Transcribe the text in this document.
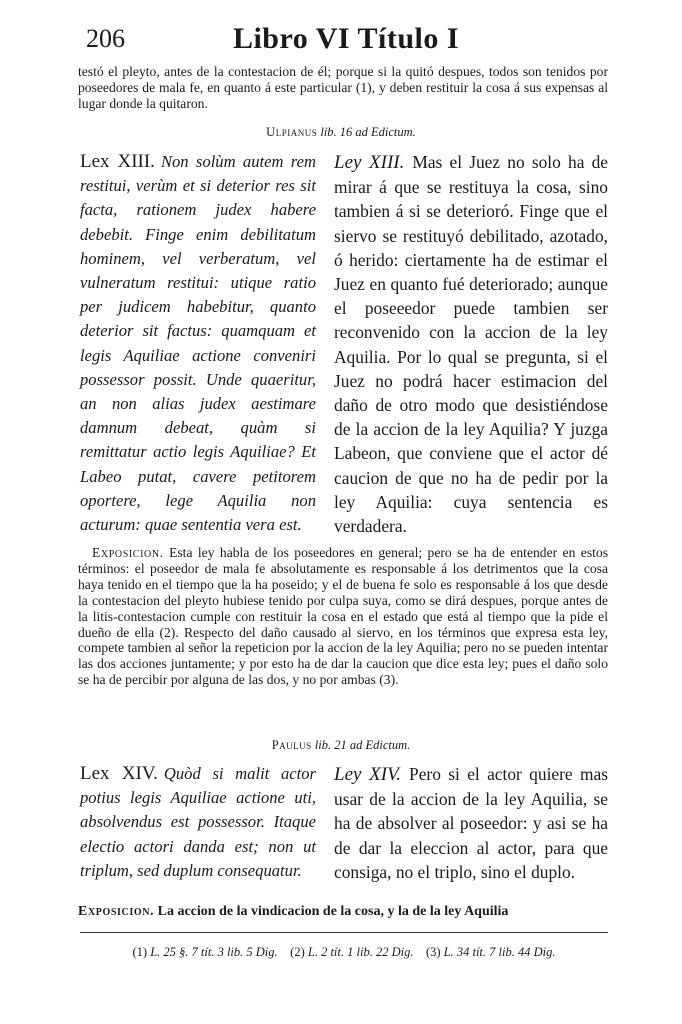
206	Libro VI Título I
testó el pleyto, antes de la contestacion de él; porque si la quitó despues, todos son tenidos por poseedores de mala fe, en quanto á este particular (1), y deben restituir la cosa á sus expensas al lugar donde la quitaron.
Ulpianus lib. 16 ad Edictum.
Lex XIII. Non solùm autem rem restitui, verùm et si deterior res sit facta, rationem judex habere debebit. Finge enim debilitatum hominem, vel verberatum, vel vulneratum restitui: utique ratio per judicem habebitur, quanto deterior sit factus: quamquam et legis Aquiliae actione conveniri possessor possit. Unde quaeritur, an non alias judex aestimare damnum debeat, quàm si remittatur actio legis Aquiliae? Et Labeo putat, cavere petitorem oportere, lege Aquilia non acturum: quae sententia vera est.
Ley XIII. Mas el Juez no solo ha de mirar á que se restituya la cosa, sino tambien á si se deterioró. Finge que el siervo se restituyó debilitado, azotado, ó herido: ciertamente ha de estimar el Juez en quanto fué deteriorado; aunque el poseeedor puede tambien ser reconvenido con la accion de la ley Aquilia. Por lo qual se pregunta, si el Juez no podrá hacer estimacion del daño de otro modo que desistiéndose de la accion de la ley Aquilia? Y juzga Labeon, que conviene que el actor dé caucion de que no ha de pedir por la ley Aquilia: cuya sentencia es verdadera.
Exposicion. Esta ley habla de los poseedores en general; pero se ha de entender en estos términos: el poseedor de mala fe absolutamente es responsable á los detrimentos que la cosa haya tenido en el tiempo que la ha poseido; y el de buena fe solo es responsable á los que desde la contestacion del pleyto hubiese tenido por culpa suya, como se dirá despues, porque antes de la litis-contestacion cumple con restituir la cosa en el estado que está al tiempo que la pide el dueño de ella (2). Respecto del daño causado al siervo, en los términos que expresa esta ley, compete tambien al señor la repeticion por la accion de la ley Aquilia; pero no se pueden intentar las dos acciones juntamente; y por esto ha de dar la caucion que dice esta ley; pues el daño solo se ha de percibir por alguna de las dos, y no por ambas (3).
Paulus lib. 21 ad Edictum.
Lex XIV. Quòd si malit actor potius legis Aquiliae actione uti, absolvendus est possessor. Itaque electio actori danda est; non ut triplum, sed duplum consequatur.
Ley XIV. Pero si el actor quiere mas usar de la accion de la ley Aquilia, se ha de absolver al poseedor: y asi se ha de dar la eleccion al actor, para que consiga, no el triplo, sino el duplo.
Exposicion. La accion de la vindicacion de la cosa, y la de la ley Aquilia
(1) L. 25 §. 7 tít. 3 lib. 5 Dig. (2) L. 2 tít. 1 lib. 22 Dig. (3) L. 34 tít. 7 lib. 44 Dig.
